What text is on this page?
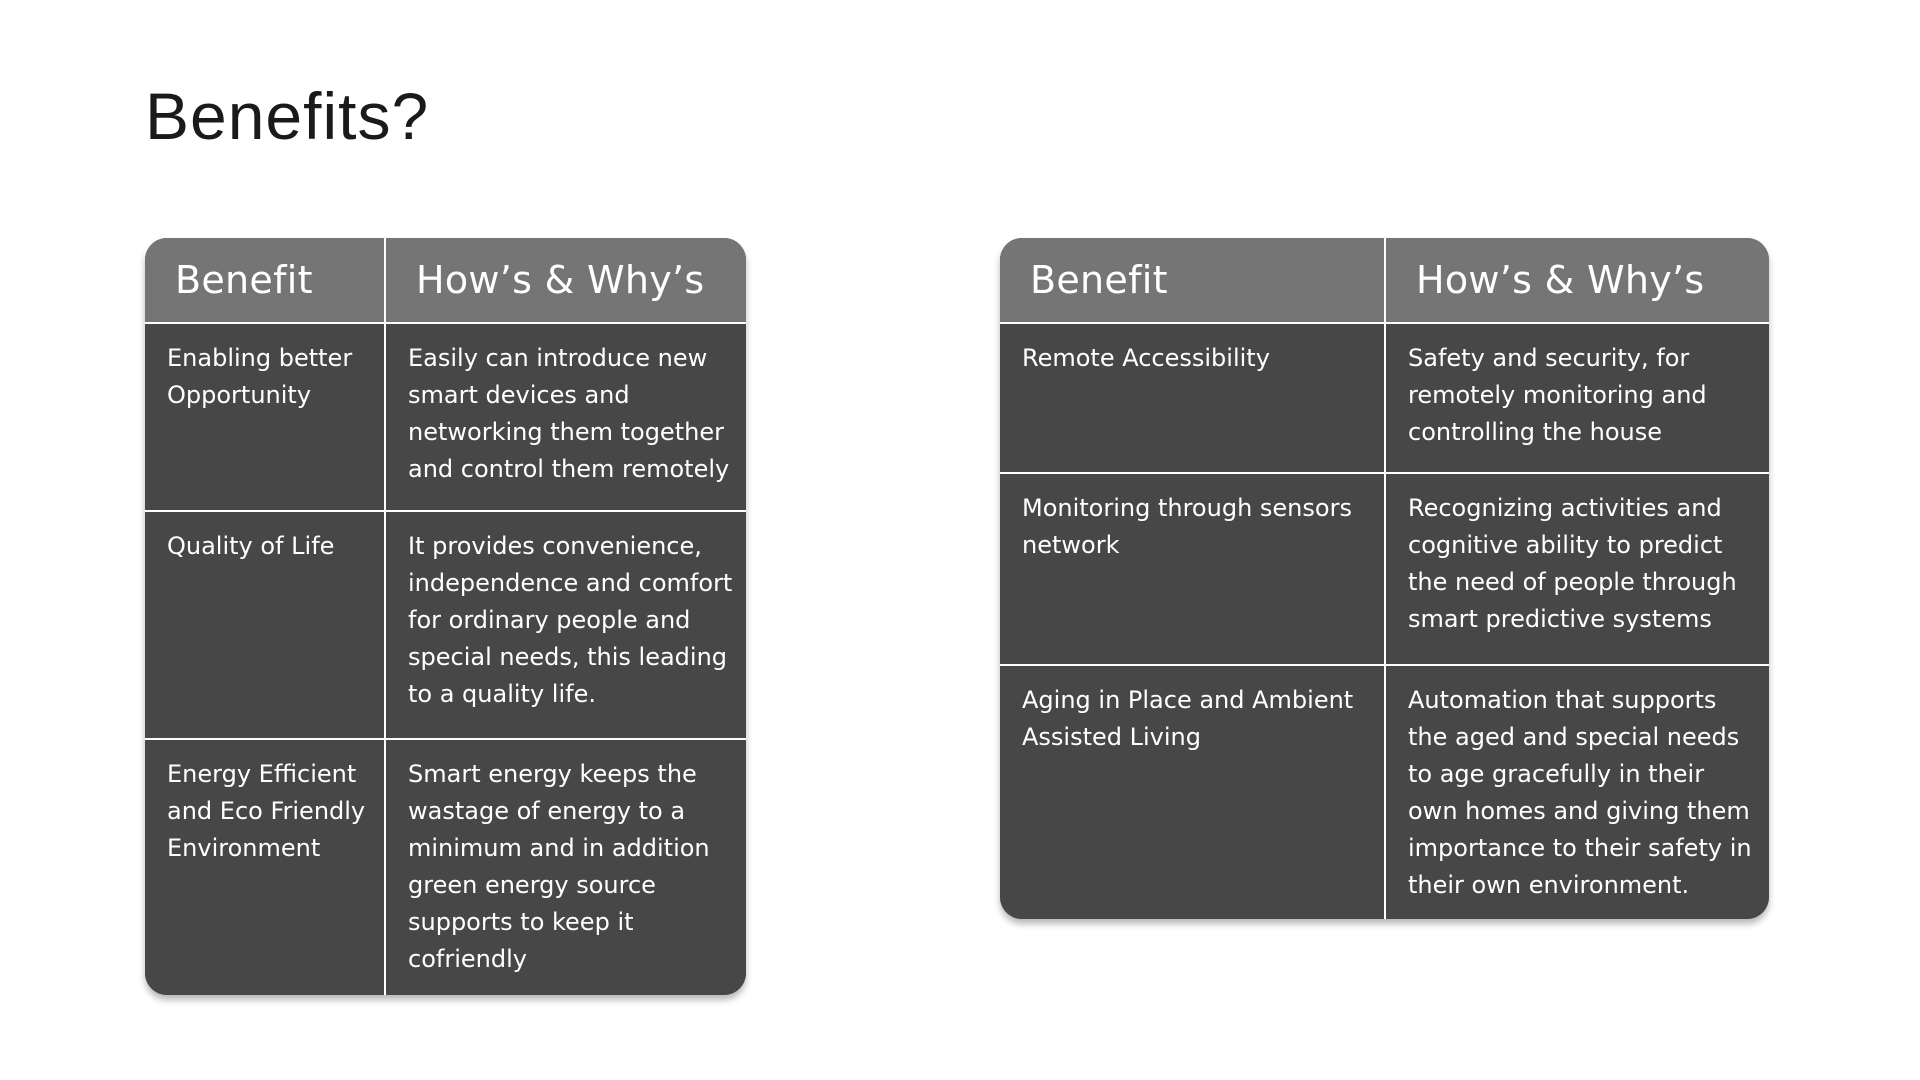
Benefits?
Benefit	How’s & Why’s
Enabling better Opportunity	Easily can introduce new smart devices and networking them together and control them remotely
Quality of Life	It provides convenience, independence and comfort for ordinary people and special needs, this leading to a quality life.
Energy Efficient and Eco Friendly Environment	Smart energy keeps the wastage of energy to a minimum and in addition green energy source supports to keep it cofriendly
Benefit	How’s & Why’s
Remote Accessibility	Safety and security, for remotely monitoring and controlling the house
Monitoring through sensors network	Recognizing activities and cognitive ability to predict the need of people through smart predictive systems
Aging in Place and Ambient Assisted Living	Automation that supports the aged and special needs to age gracefully in their own homes and giving them importance to their safety in their own environment.
